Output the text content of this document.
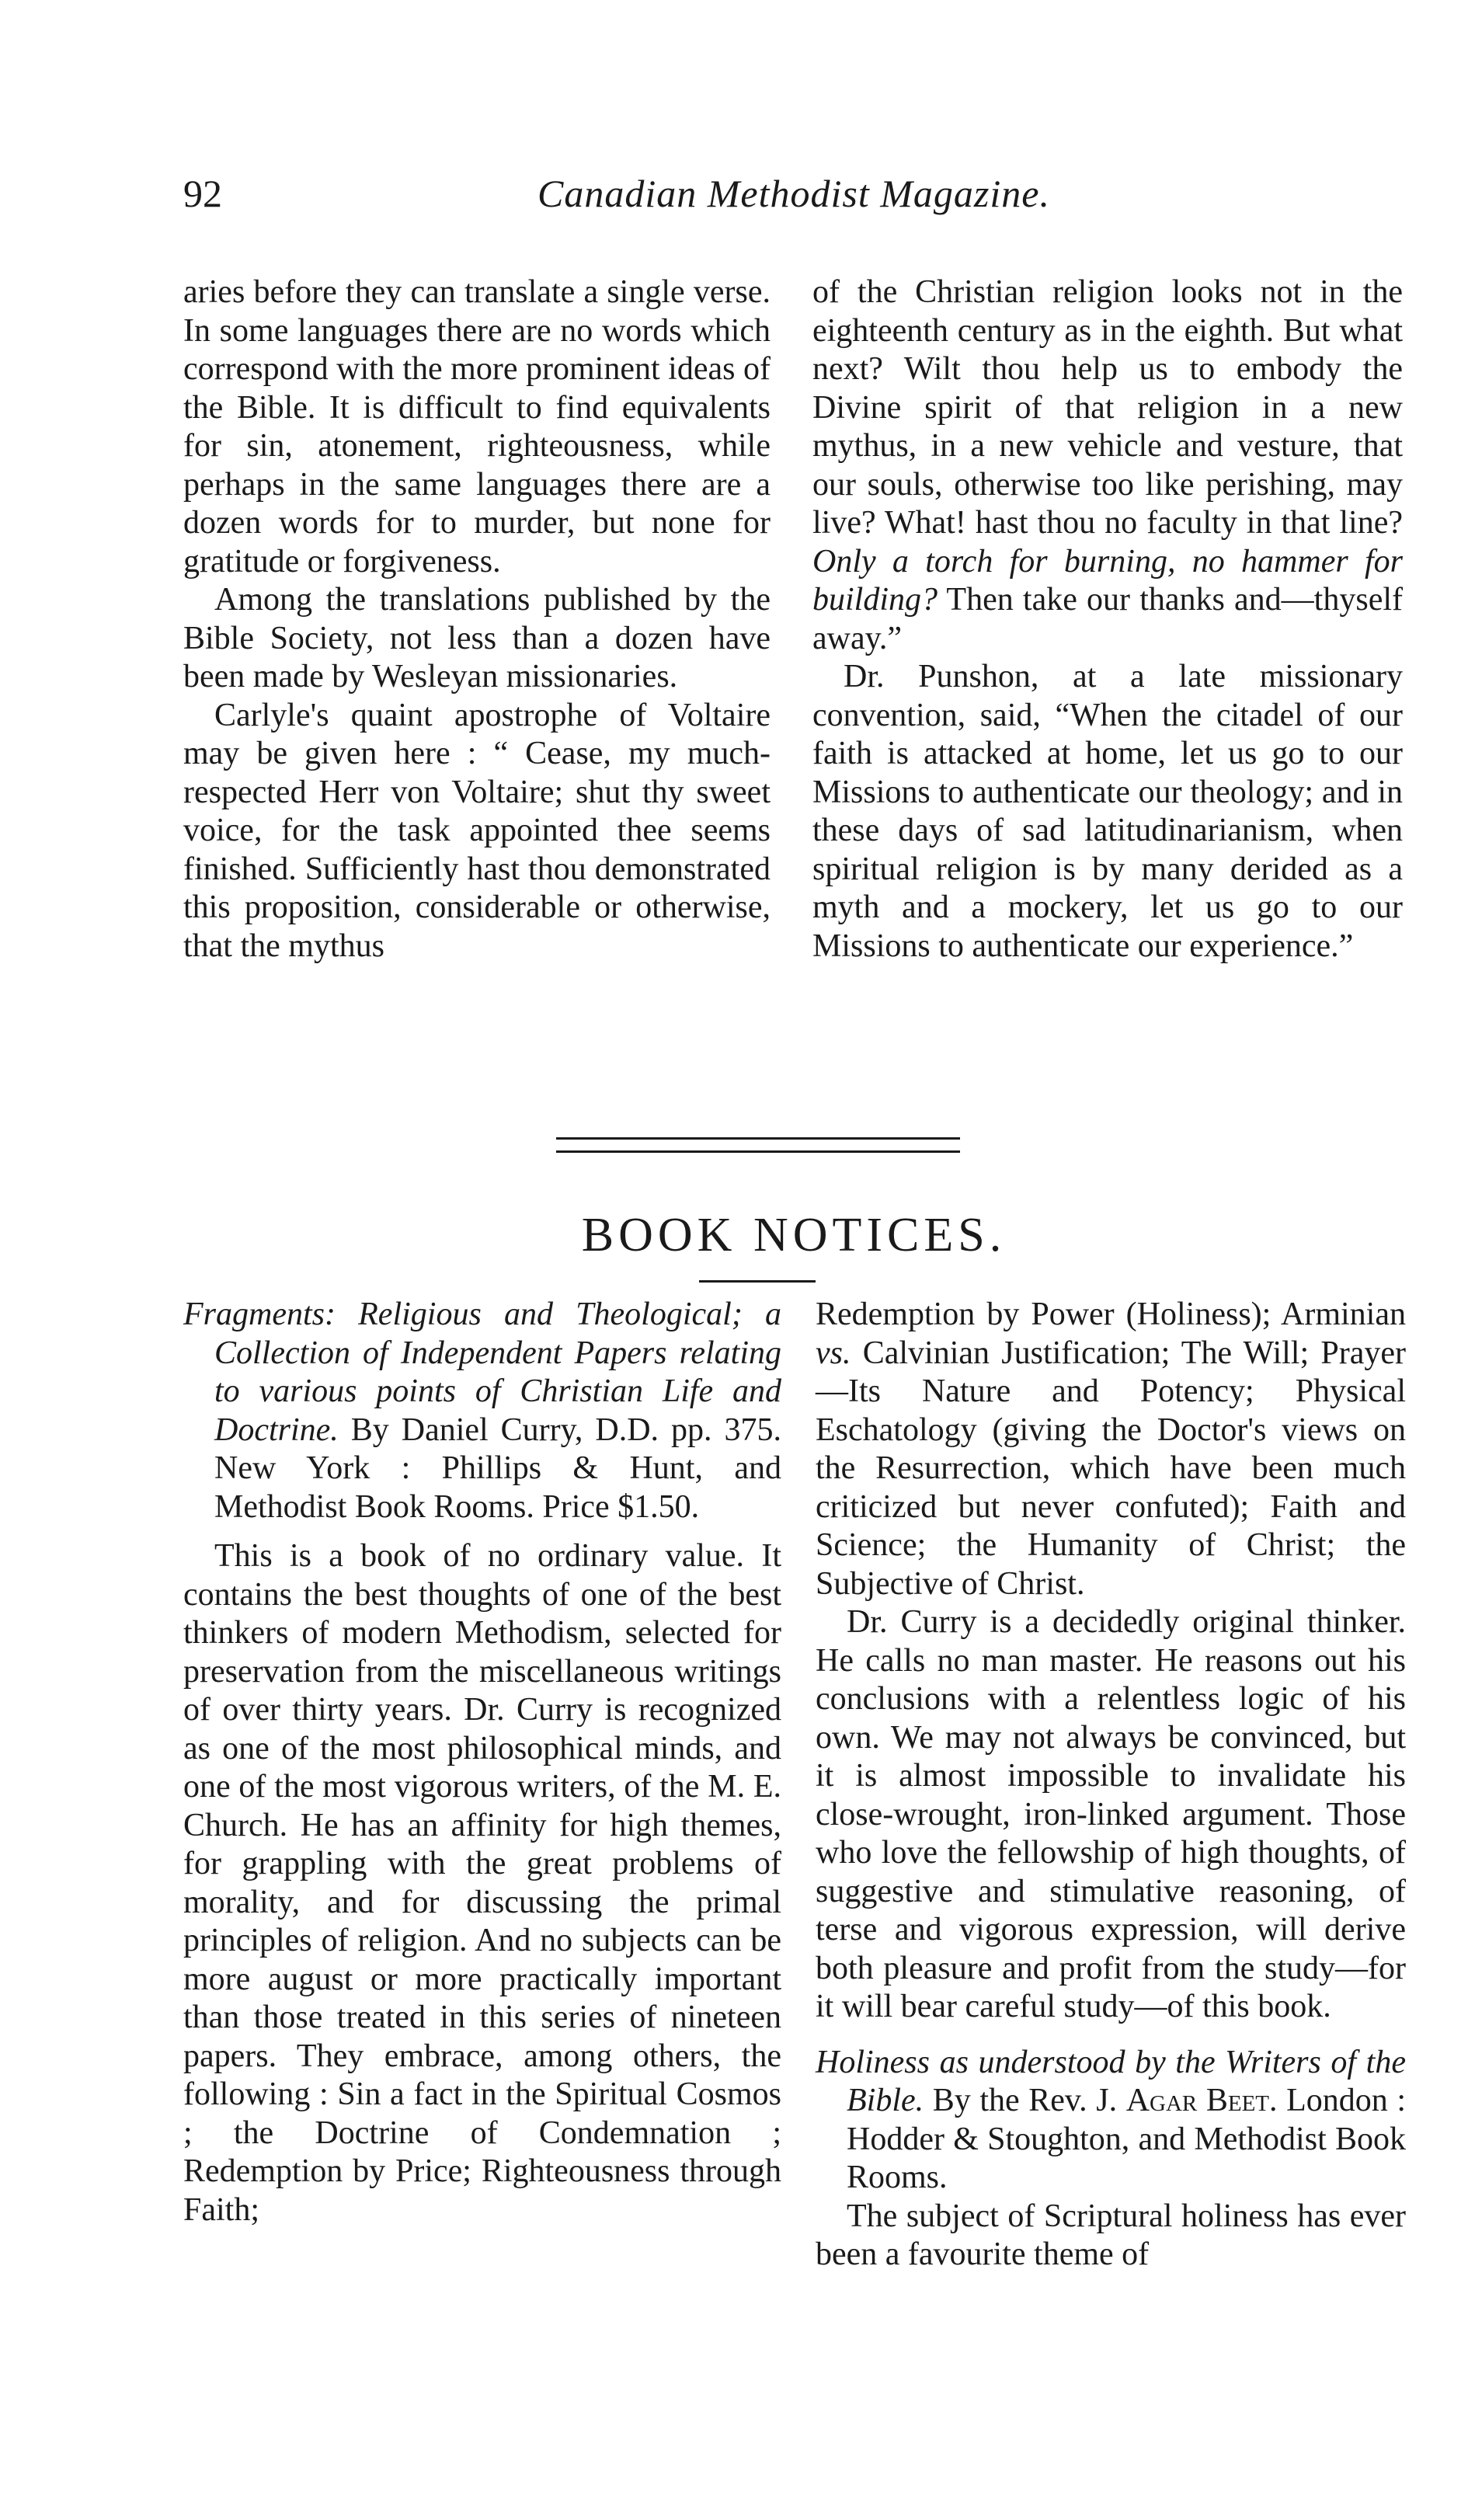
92	Canadian Methodist Magazine.

aries before they can translate a single verse. In some languages there are no words which correspond with the more prominent ideas of the Bible. It is difficult to find equivalents for sin, atonement, righteousness, while perhaps in the same languages there are a dozen words for to murder, but none for gratitude or forgiveness.

Among the translations published by the Bible Society, not less than a dozen have been made by Wesleyan missionaries.

Carlyle's quaint apostrophe of Voltaire may be given here : “ Cease, my much-respected Herr von Voltaire; shut thy sweet voice, for the task appointed thee seems finished. Sufficiently hast thou demonstrated this proposition, considerable or otherwise, that the mythus

of the Christian religion looks not in the eighteenth century as in the eighth. But what next? Wilt thou help us to embody the Divine spirit of that religion in a new mythus, in a new vehicle and vesture, that our souls, otherwise too like perishing, may live? What! hast thou no faculty in that line? Only a torch for burning, no hammer for building? Then take our thanks and—thyself away.”

Dr. Punshon, at a late missionary convention, said, “When the citadel of our faith is attacked at home, let us go to our Missions to authenticate our theology; and in these days of sad latitudinarianism, when spiritual religion is by many derided as a myth and a mockery, let us go to our Missions to authenticate our experience.”

BOOK NOTICES.

Fragments: Religious and Theological; a Collection of Independent Papers relating to various points of Christian Life and Doctrine. By Daniel Curry, D.D. pp. 375. New York : Phillips & Hunt, and Methodist Book Rooms. Price $1.50.

This is a book of no ordinary value. It contains the best thoughts of one of the best thinkers of modern Methodism, selected for preservation from the miscellaneous writings of over thirty years. Dr. Curry is recognized as one of the most philosophical minds, and one of the most vigorous writers, of the M. E. Church. He has an affinity for high themes, for grappling with the great problems of morality, and for discussing the primal principles of religion. And no subjects can be more august or more practically important than those treated in this series of nineteen papers. They embrace, among others, the following : Sin a fact in the Spiritual Cosmos ; the Doctrine of Condemnation ; Redemption by Price; Righteousness through Faith;

Redemption by Power (Holiness); Arminian vs. Calvinian Justification; The Will; Prayer—Its Nature and Potency; Physical Eschatology (giving the Doctor's views on the Resurrection, which have been much criticized but never confuted); Faith and Science; the Humanity of Christ; the Subjective of Christ.

Dr. Curry is a decidedly original thinker. He calls no man master. He reasons out his conclusions with a relentless logic of his own. We may not always be convinced, but it is almost impossible to invalidate his close-wrought, iron-linked argument. Those who love the fellowship of high thoughts, of suggestive and stimulative reasoning, of terse and vigorous expression, will derive both pleasure and profit from the study—for it will bear careful study—of this book.

Holiness as understood by the Writers of the Bible. By the Rev. J. Agar Beet. London : Hodder & Stoughton, and Methodist Book Rooms.

The subject of Scriptural holiness has ever been a favourite theme of
